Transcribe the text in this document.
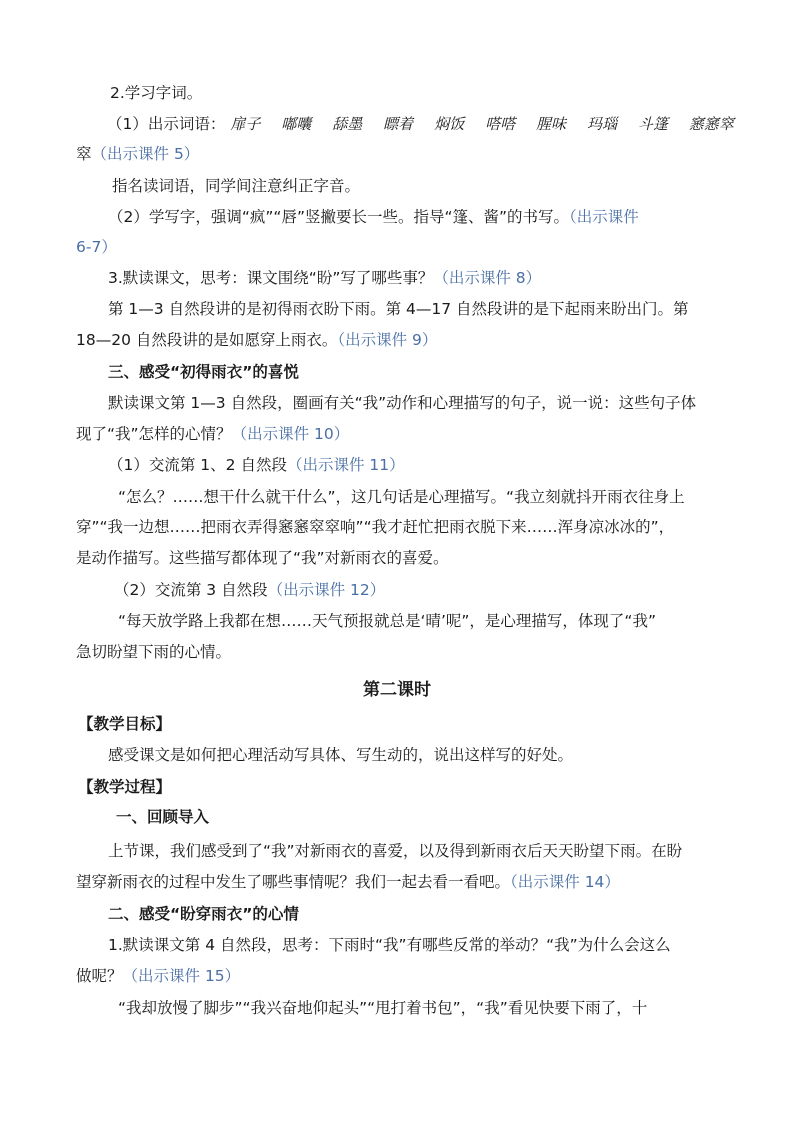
2.学习字词。
（1）出示词语： 扉子 嘟囔 舔墨 瞟着 焖饭 嗒嗒 腥味 玛瑙 斗篷 窸窸窣
窣（出示课件 5）
指名读词语，同学间注意纠正字音。
（2）学写字，强调“疯”“唇”竖撇要长一些。指导“篷、酱”的书写。（出示课件
6-7）
3.默读课文，思考：课文围绕“盼”写了哪些事？（出示课件 8）
第 1—3 自然段讲的是初得雨衣盼下雨。第 4—17 自然段讲的是下起雨来盼出门。第
18—20 自然段讲的是如愿穿上雨衣。（出示课件 9）
三、感受“初得雨衣”的喜悦
默读课文第 1—3 自然段，圈画有关“我”动作和心理描写的句子，说一说：这些句子体
现了“我”怎样的心情？（出示课件 10）
（1）交流第 1、2 自然段（出示课件 11）
“怎么？……想干什么就干什么”，这几句话是心理描写。“我立刻就抖开雨衣往身上
穿”“我一边想……把雨衣弄得窸窸窣窣响”“我才赶忙把雨衣脱下来……浑身凉冰冰的”，
是动作描写。这些描写都体现了“我”对新雨衣的喜爱。
（2）交流第 3 自然段（出示课件 12）
“每天放学路上我都在想……天气预报就总是‘晴’呢”，是心理描写，体现了“我”
急切盼望下雨的心情。
第二课时
【教学目标】
感受课文是如何把心理活动写具体、写生动的，说出这样写的好处。
【教学过程】
一、回顾导入
上节课，我们感受到了“我”对新雨衣的喜爱，以及得到新雨衣后天天盼望下雨。在盼
望穿新雨衣的过程中发生了哪些事情呢？我们一起去看一看吧。（出示课件 14）
二、感受“盼穿雨衣”的心情
1.默读课文第 4 自然段，思考：下雨时“我”有哪些反常的举动？“我”为什么会这么
做呢？（出示课件 15）
“我却放慢了脚步”“我兴奋地仰起头”“甩打着书包”，“我”看见快要下雨了，十
